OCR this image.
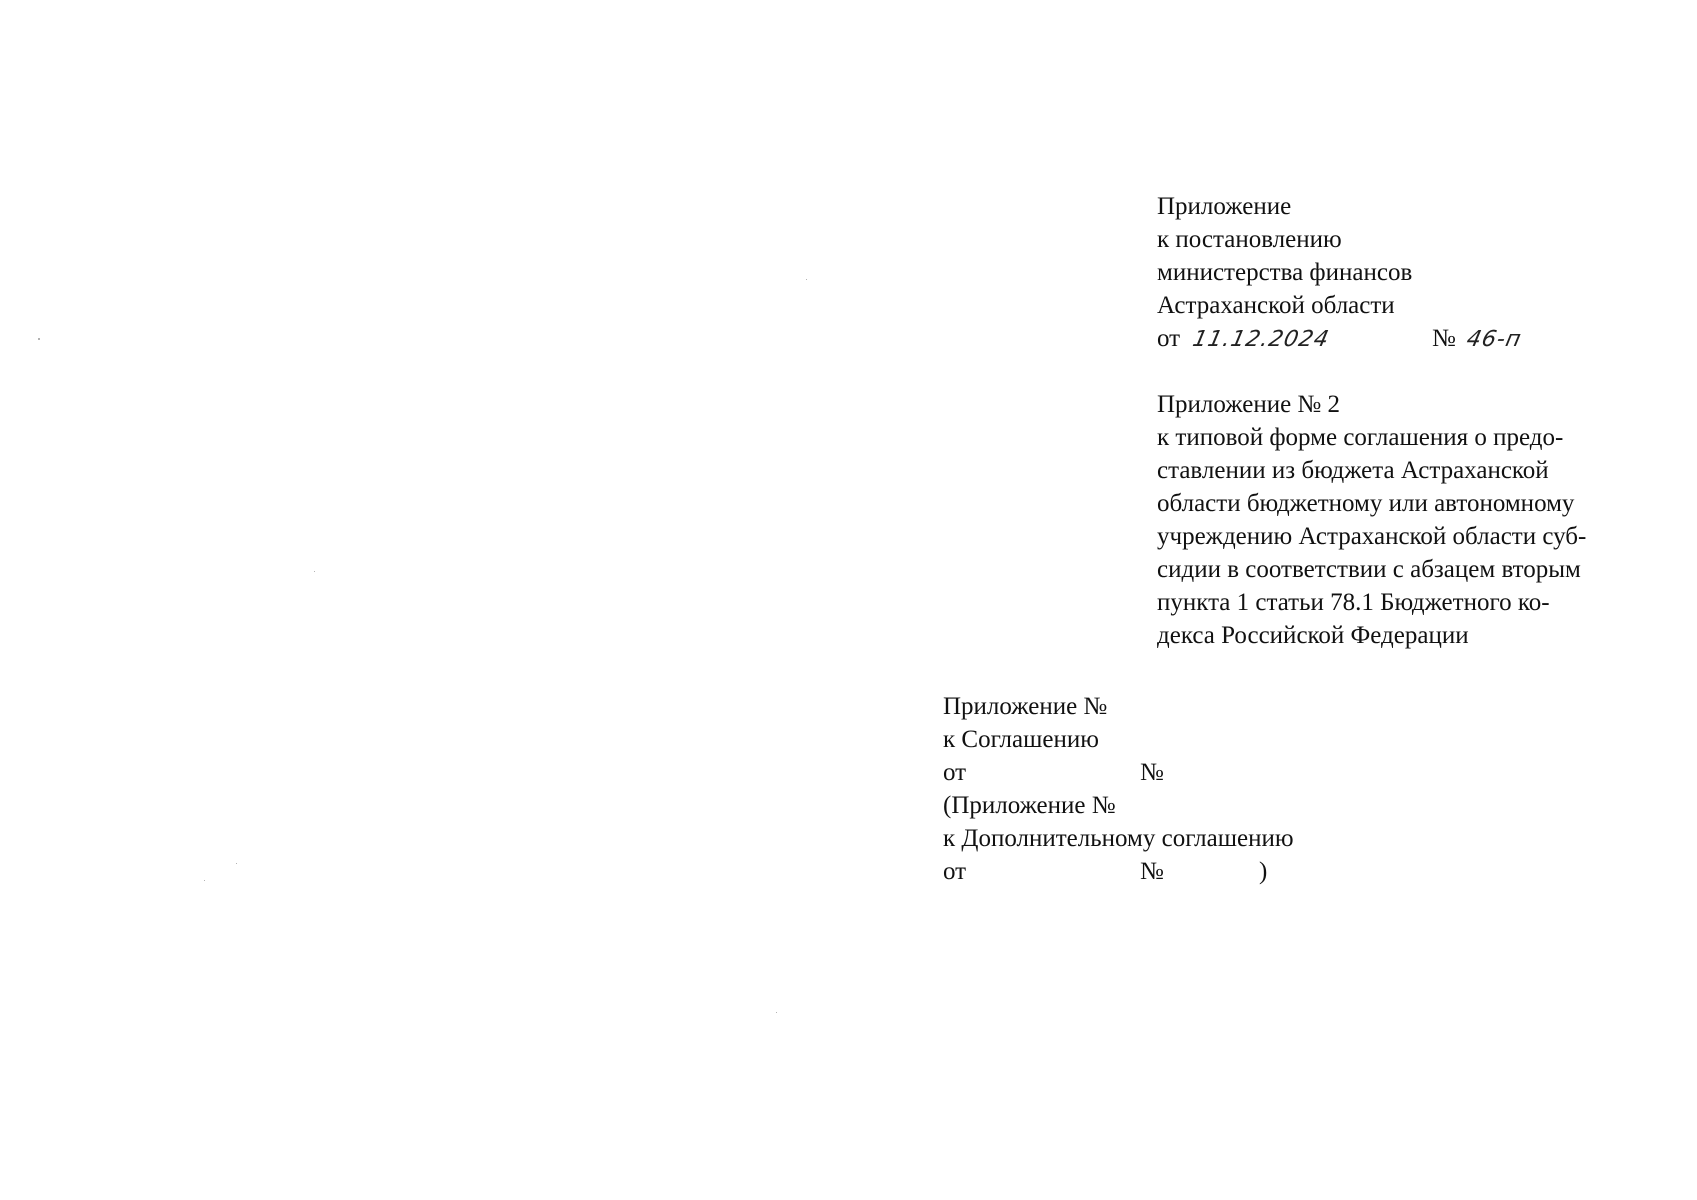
Приложение
к постановлению
министерства финансов
Астраханской области
от 11.12.2024	№ 46-п
Приложение № 2
к типовой форме соглашения о предо-
ставлении из бюджета Астраханской
области бюджетному или автономному
учреждению Астраханской области суб-
сидии в соответствии с абзацем вторым
пункта 1 статьи 78.1 Бюджетного ко-
декса Российской Федерации
Приложение №
к Соглашению
от	№
(Приложение №
к Дополнительному соглашению
от	№	)
